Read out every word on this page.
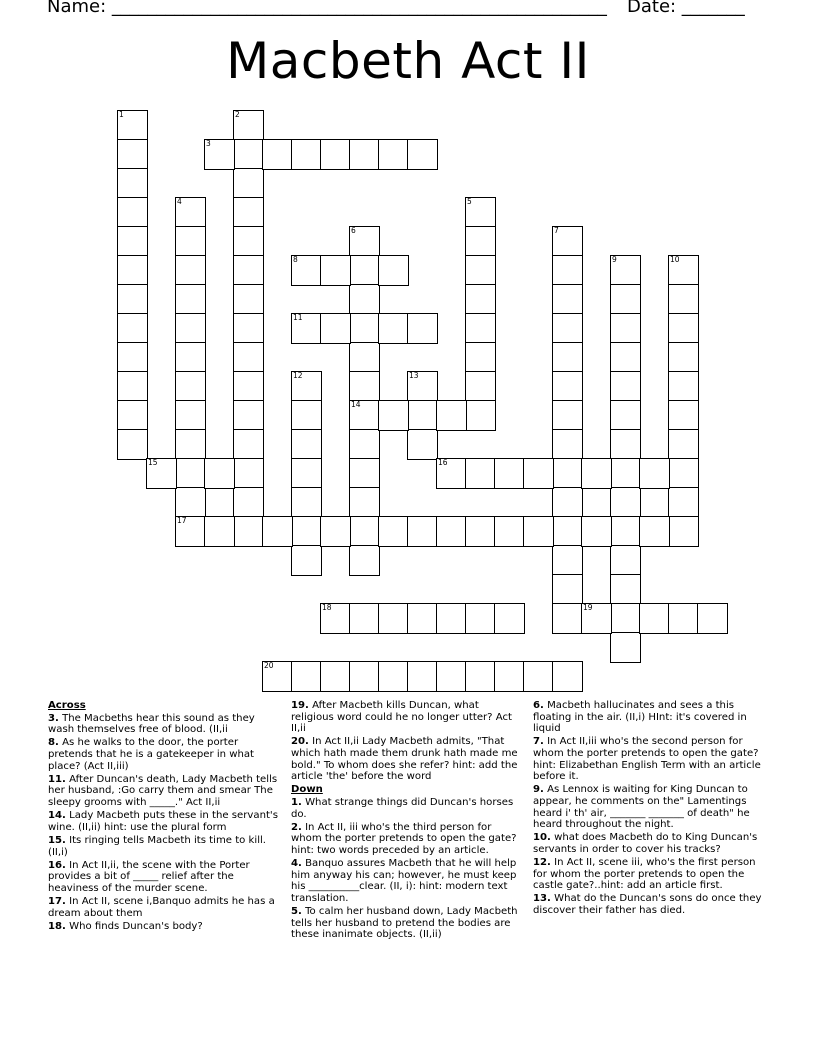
Name: _______________________________________________________ Date: _______
Macbeth Act II
1	2
3
4
17
5
6
14
7
8	9	10
11
12	13
15	16
18	19
20

Across

3. The Macbeths hear this sound as they wash themselves free of blood. (II,ii

8. As he walks to the door, the porter pretends that he is a gatekeeper in what place? (Act II,iii)

11. After Duncan's death, Lady Macbeth tells her husband, :Go carry them and smear The sleepy grooms with _____." Act II,ii

14. Lady Macbeth puts these in the servant's wine. (II,ii) hint: use the plural form

15. Its ringing tells Macbeth its time to kill. (II,i)

16. In Act II,ii, the scene with the Porter provides a bit of _____ relief after the heaviness of the murder scene.

17. In Act II, scene i,Banquo admits he has a dream about them

18. Who finds Duncan's body?

19. After Macbeth kills Duncan, what religious word could he no longer utter? Act II,ii

20. In Act II,ii Lady Macbeth admits, "That which hath made them drunk hath made me bold." To whom does she refer? hint: add the article 'the' before the word

Down

1. What strange things did Duncan's horses do.

2. In Act II, iii who's the third person for whom the porter pretends to open the gate? hint: two words preceded by an article.

4. Banquo assures Macbeth that he will help him anyway his can; however, he must keep his __________clear. (II, i): hint: modern text translation.

5. To calm her husband down, Lady Macbeth tells her husband to pretend the bodies are these inanimate objects. (II,ii)

6. Macbeth hallucinates and sees a this floating in the air. (II,i) HInt: it's covered in liquid

7. In Act II,iii who's the second person for whom the porter pretends to open the gate? hint: Elizabethan English Term with an article before it.

9. As Lennox is waiting for King Duncan to appear, he comments on the" Lamentings heard i' th' air, _______ _______ of death" he heard throughout the night.

10. what does Macbeth do to King Duncan's servants in order to cover his tracks?

12. In Act II, scene iii, who's the first person for whom the porter pretends to open the castle gate?..hint: add an article first.

13. What do the Duncan's sons do once they discover their father has died.
